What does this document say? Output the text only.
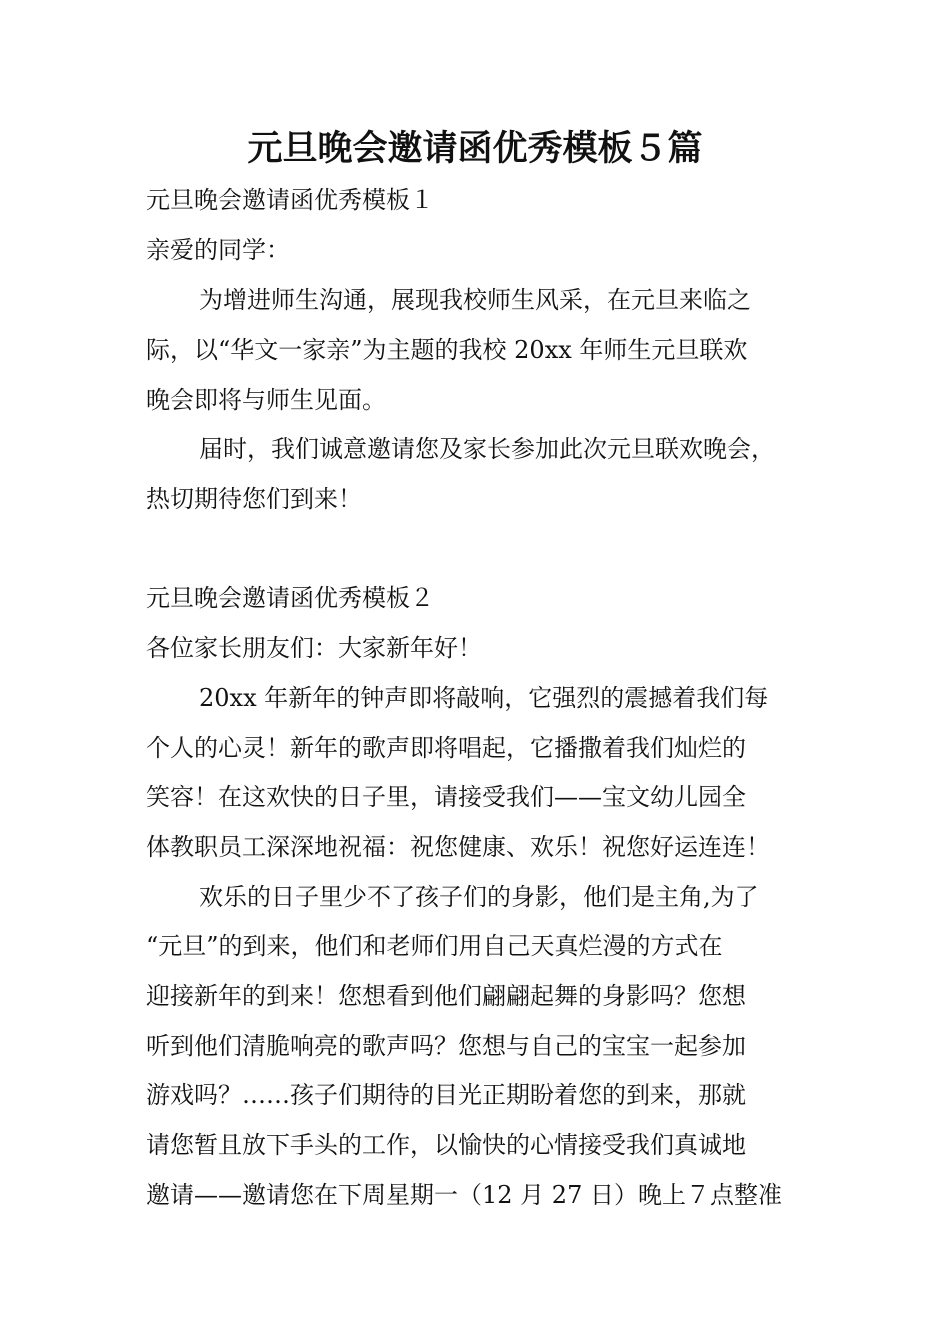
元旦晚会邀请函优秀模板５篇

元旦晚会邀请函优秀模板１

亲爱的同学：

为增进师生沟通，展现我校师生风采，在元旦来临之

际，以“华文一家亲”为主题的我校 20xx 年师生元旦联欢

晚会即将与师生见面。

届时，我们诚意邀请您及家长参加此次元旦联欢晚会，

热切期待您们到来！

元旦晚会邀请函优秀模板２

各位家长朋友们：大家新年好！

20xx 年新年的钟声即将敲响，它强烈的震撼着我们每

个人的心灵！新年的歌声即将唱起，它播撒着我们灿烂的

笑容！在这欢快的日子里，请接受我们——宝文幼儿园全

体教职员工深深地祝福：祝您健康、欢乐！祝您好运连连！

欢乐的日子里少不了孩子们的身影，他们是主角,为了

“元旦”的到来，他们和老师们用自己天真烂漫的方式在

迎接新年的到来！您想看到他们翩翩起舞的身影吗？您想

听到他们清脆响亮的歌声吗？您想与自己的宝宝一起参加

游戏吗？……孩子们期待的目光正期盼着您的到来，那就

请您暂且放下手头的工作，以愉快的心情接受我们真诚地

邀请——邀请您在下周星期一（12 月 27 日）晚上７点整准
